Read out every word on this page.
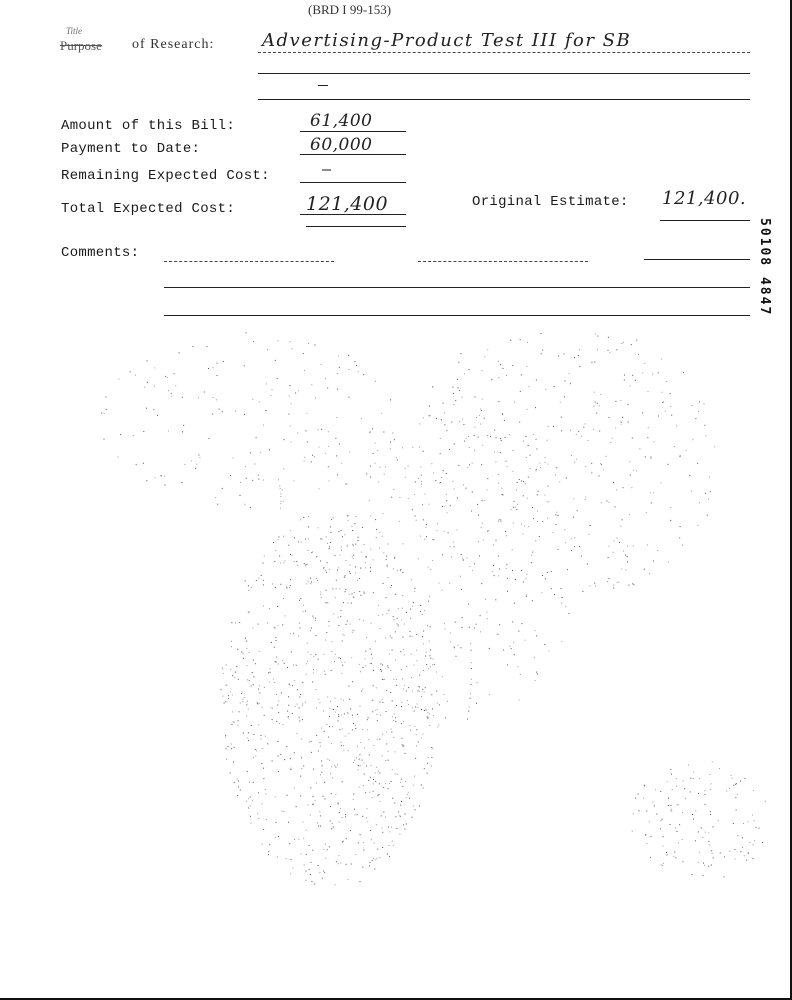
(BRD I 99-153)
Title
Purpose of Research:	Advertising-Product Test III for SB
Amount of this Bill:	61,400
Payment to Date:	60,000
Remaining Expected Cost:	—
Total Expected Cost:	121,400	Original Estimate: 121,400.
Comments:	50108 4847
